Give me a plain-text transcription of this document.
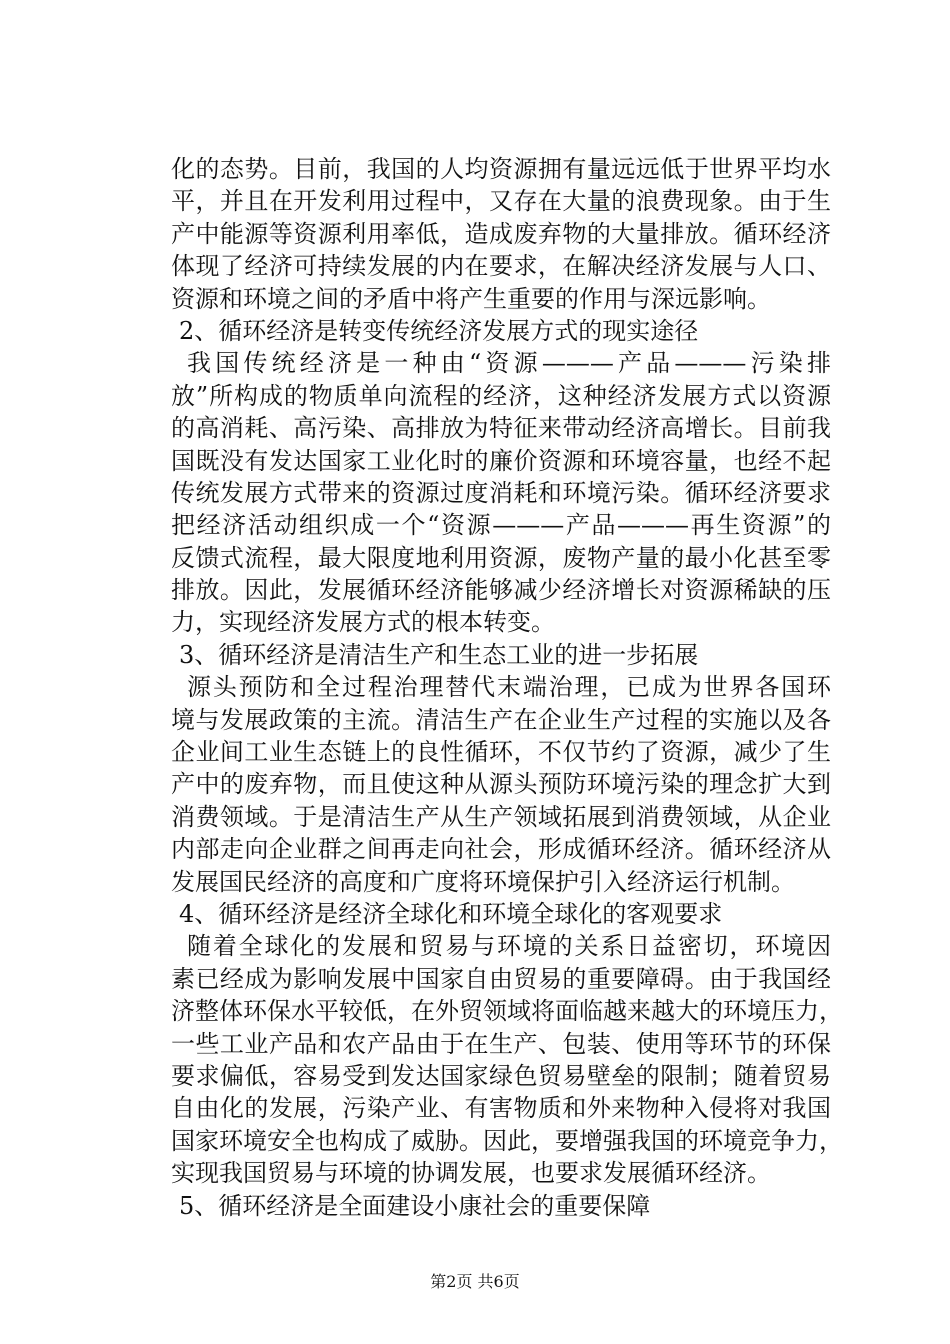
化的态势。目前，我国的人均资源拥有量远远低于世界平均水
平，并且在开发利用过程中，又存在大量的浪费现象。由于生
产中能源等资源利用率低，造成废弃物的大量排放。循环经济
体现了经济可持续发展的内在要求，在解决经济发展与人口、
资源和环境之间的矛盾中将产生重要的作用与深远影响。
2、循环经济是转变传统经济发展方式的现实途径
我国传统经济是一种由“资源———产品———污染排
放”所构成的物质单向流程的经济，这种经济发展方式以资源
的高消耗、高污染、高排放为特征来带动经济高增长。目前我
国既没有发达国家工业化时的廉价资源和环境容量，也经不起
传统发展方式带来的资源过度消耗和环境污染。循环经济要求
把经济活动组织成一个“资源———产品———再生资源”的
反馈式流程，最大限度地利用资源，废物产量的最小化甚至零
排放。因此，发展循环经济能够减少经济增长对资源稀缺的压
力，实现经济发展方式的根本转变。
3、循环经济是清洁生产和生态工业的进一步拓展
源头预防和全过程治理替代末端治理，已成为世界各国环
境与发展政策的主流。清洁生产在企业生产过程的实施以及各
企业间工业生态链上的良性循环，不仅节约了资源，减少了生
产中的废弃物，而且使这种从源头预防环境污染的理念扩大到
消费领域。于是清洁生产从生产领域拓展到消费领域，从企业
内部走向企业群之间再走向社会，形成循环经济。循环经济从
发展国民经济的高度和广度将环境保护引入经济运行机制。
4、循环经济是经济全球化和环境全球化的客观要求
随着全球化的发展和贸易与环境的关系日益密切，环境因
素已经成为影响发展中国家自由贸易的重要障碍。由于我国经
济整体环保水平较低，在外贸领域将面临越来越大的环境压力，
一些工业产品和农产品由于在生产、包装、使用等环节的环保
要求偏低，容易受到发达国家绿色贸易壁垒的限制；随着贸易
自由化的发展，污染产业、有害物质和外来物种入侵将对我国
国家环境安全也构成了威胁。因此，要增强我国的环境竞争力，
实现我国贸易与环境的协调发展，也要求发展循环经济。
5、循环经济是全面建设小康社会的重要保障
第2页 共6页
